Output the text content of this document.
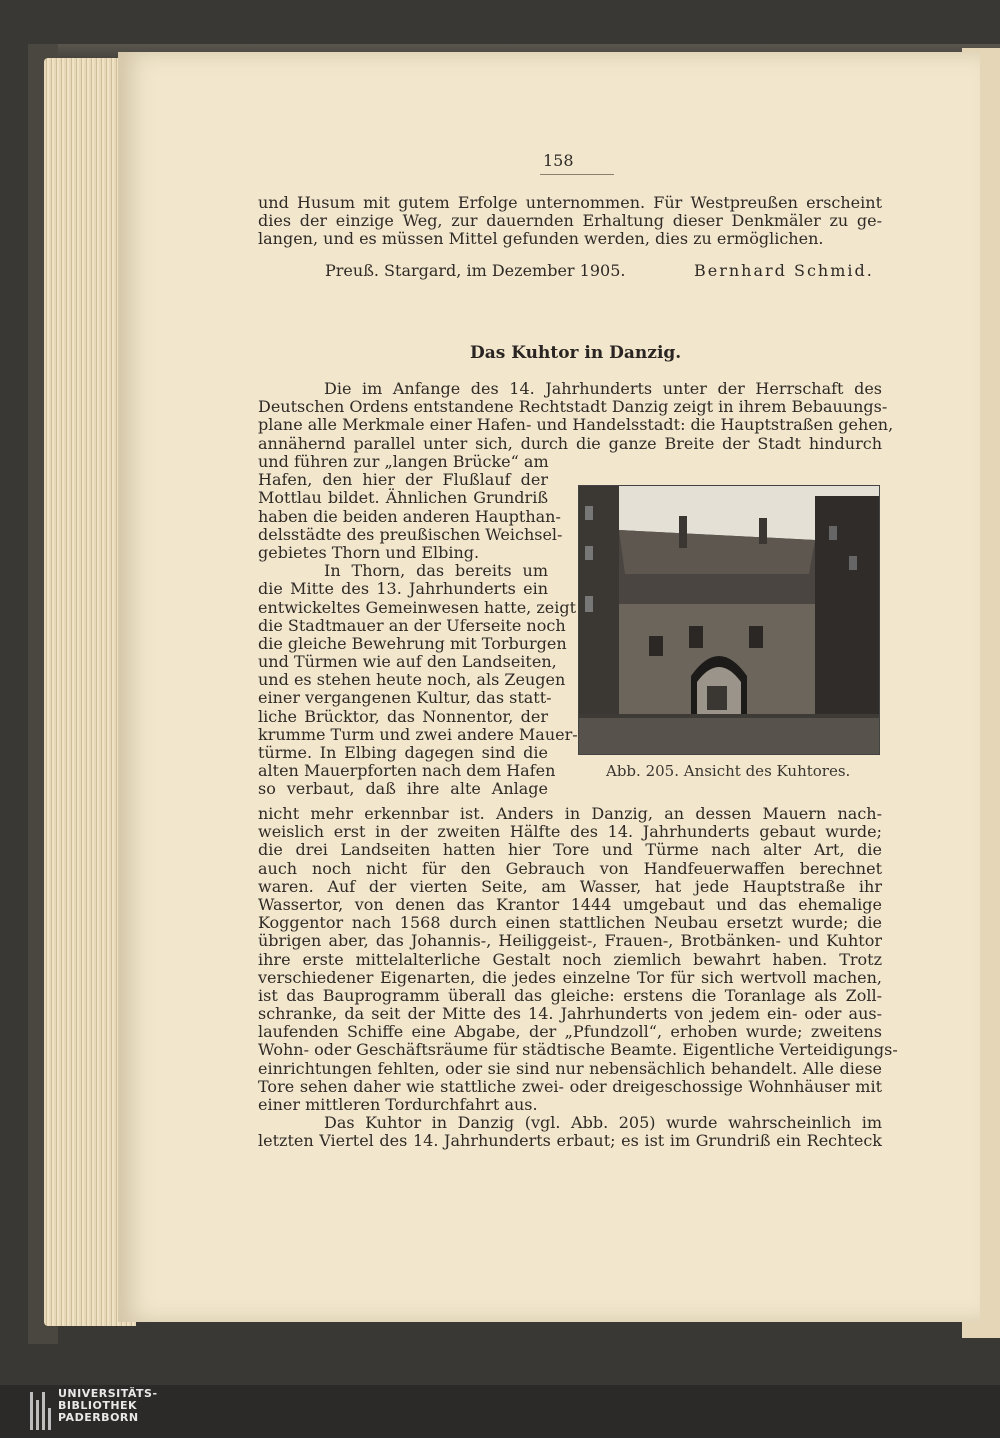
158
und Husum mit gutem Erfolge unternommen. Für Westpreußen erscheint
dies der einzige Weg, zur dauernden Erhaltung dieser Denkmäler zu ge-
langen, und es müssen Mittel gefunden werden, dies zu ermöglichen.
Preuß. Stargard, im Dezember 1905.	Bernhard Schmid.
Das Kuhtor in Danzig.
Die im Anfange des 14. Jahrhunderts unter der Herrschaft des
Deutschen Ordens entstandene Rechtstadt Danzig zeigt in ihrem Bebauungs-
plane alle Merkmale einer Hafen- und Handelsstadt: die Hauptstraßen gehen,
annähernd parallel unter sich, durch die ganze Breite der Stadt hindurch
und führen zur „langen Brücke“ am
Hafen, den hier der Flußlauf der
Mottlau bildet. Ähnlichen Grundriß
haben die beiden anderen Haupthan-
delsstädte des preußischen Weichsel-
gebietes Thorn und Elbing.
In Thorn, das bereits um
die Mitte des 13. Jahrhunderts ein
entwickeltes Gemeinwesen hatte, zeigt
die Stadtmauer an der Uferseite noch
die gleiche Bewehrung mit Torburgen
und Türmen wie auf den Landseiten,
und es stehen heute noch, als Zeugen
einer vergangenen Kultur, das statt-
liche Brücktor, das Nonnentor, der
krumme Turm und zwei andere Mauer-
türme. In Elbing dagegen sind die
alten Mauerpforten nach dem Hafen
so verbaut, daß ihre alte Anlage
Abb. 205. Ansicht des Kuhtores.
nicht mehr erkennbar ist. Anders in Danzig, an dessen Mauern nach-
weislich erst in der zweiten Hälfte des 14. Jahrhunderts gebaut wurde;
die drei Landseiten hatten hier Tore und Türme nach alter Art, die
auch noch nicht für den Gebrauch von Handfeuerwaffen berechnet
waren. Auf der vierten Seite, am Wasser, hat jede Hauptstraße ihr
Wassertor, von denen das Krantor 1444 umgebaut und das ehemalige
Koggentor nach 1568 durch einen stattlichen Neubau ersetzt wurde; die
übrigen aber, das Johannis-, Heiliggeist-, Frauen-, Brotbänken- und Kuhtor
ihre erste mittelalterliche Gestalt noch ziemlich bewahrt haben. Trotz
verschiedener Eigenarten, die jedes einzelne Tor für sich wertvoll machen,
ist das Bauprogramm überall das gleiche: erstens die Toranlage als Zoll-
schranke, da seit der Mitte des 14. Jahrhunderts von jedem ein- oder aus-
laufenden Schiffe eine Abgabe, der „Pfundzoll“, erhoben wurde; zweitens
Wohn- oder Geschäftsräume für städtische Beamte. Eigentliche Verteidigungs-
einrichtungen fehlten, oder sie sind nur nebensächlich behandelt. Alle diese
Tore sehen daher wie stattliche zwei- oder dreigeschossige Wohnhäuser mit
einer mittleren Tordurchfahrt aus.
Das Kuhtor in Danzig (vgl. Abb. 205) wurde wahrscheinlich im
letzten Viertel des 14. Jahrhunderts erbaut; es ist im Grundriß ein Rechteck
UNIVERSITÄTS-
BIBLIOTHEK
PADERBORN
